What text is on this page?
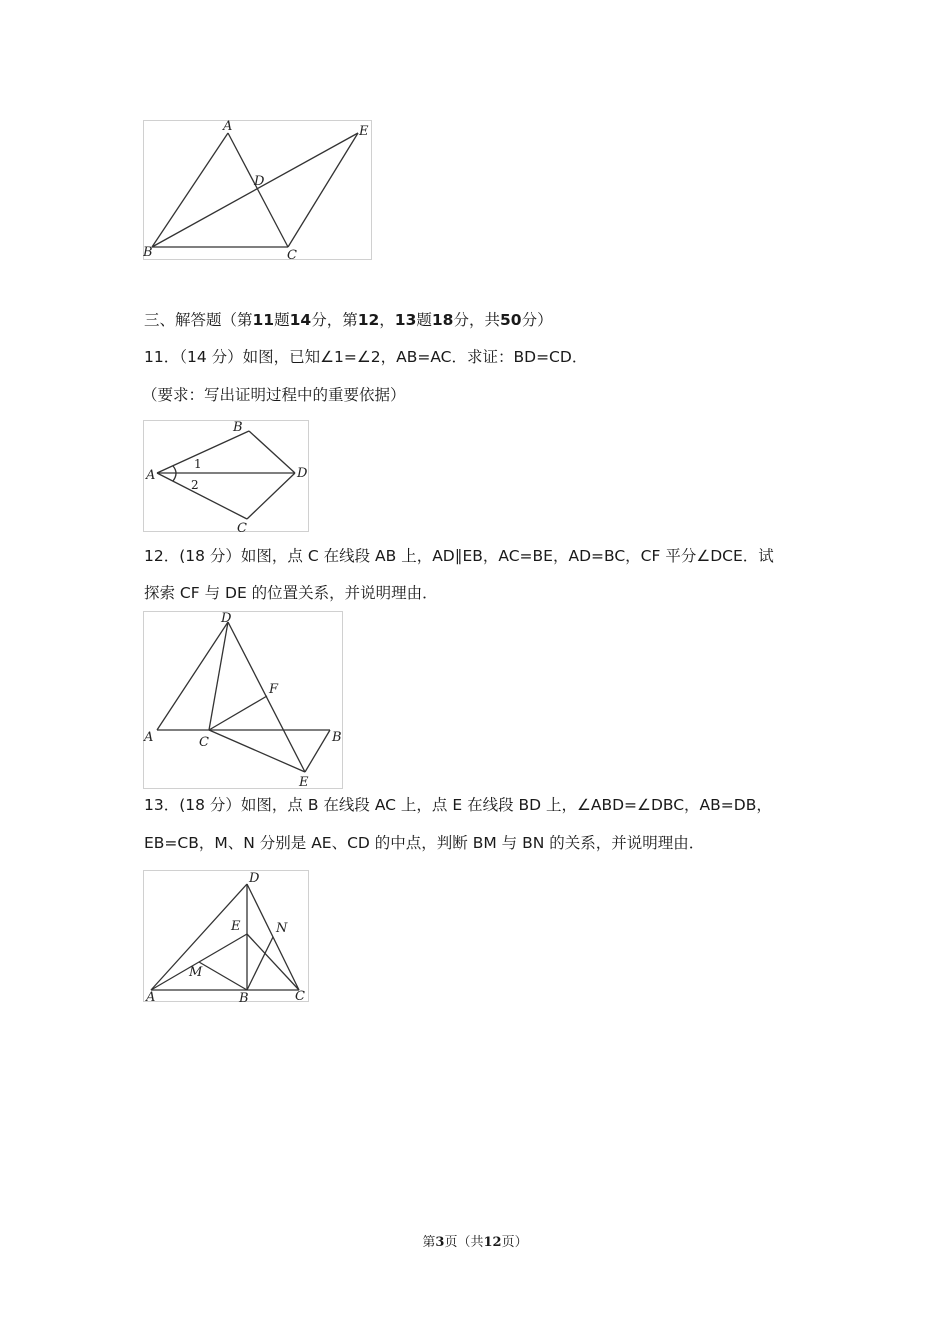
A
B	C
D
E
三、解答题（第11题14分，第12，13题18分，共50分）
11．（14 分）如图，已知∠1=∠2，AB=AC．求证：BD=CD．
（要求：写出证明过程中的重要依据）
A
B
C
D
1
2
12．(18 分）如图，点 C 在线段 AB 上，AD∥EB，AC=BE，AD=BC，CF 平分∠DCE．试
探索 CF 与 DE 的位置关系，并说明理由．
A	B
C
D
E
F
13．(18 分）如图，点 B 在线段 AC 上，点 E 在线段 BD 上，∠ABD=∠DBC，AB=DB，
EB=CB，M、N 分别是 AE、CD 的中点，判断 BM 与 BN 的关系，并说明理由．
A	B	C
D
E
M
N
第3页（共12页）
